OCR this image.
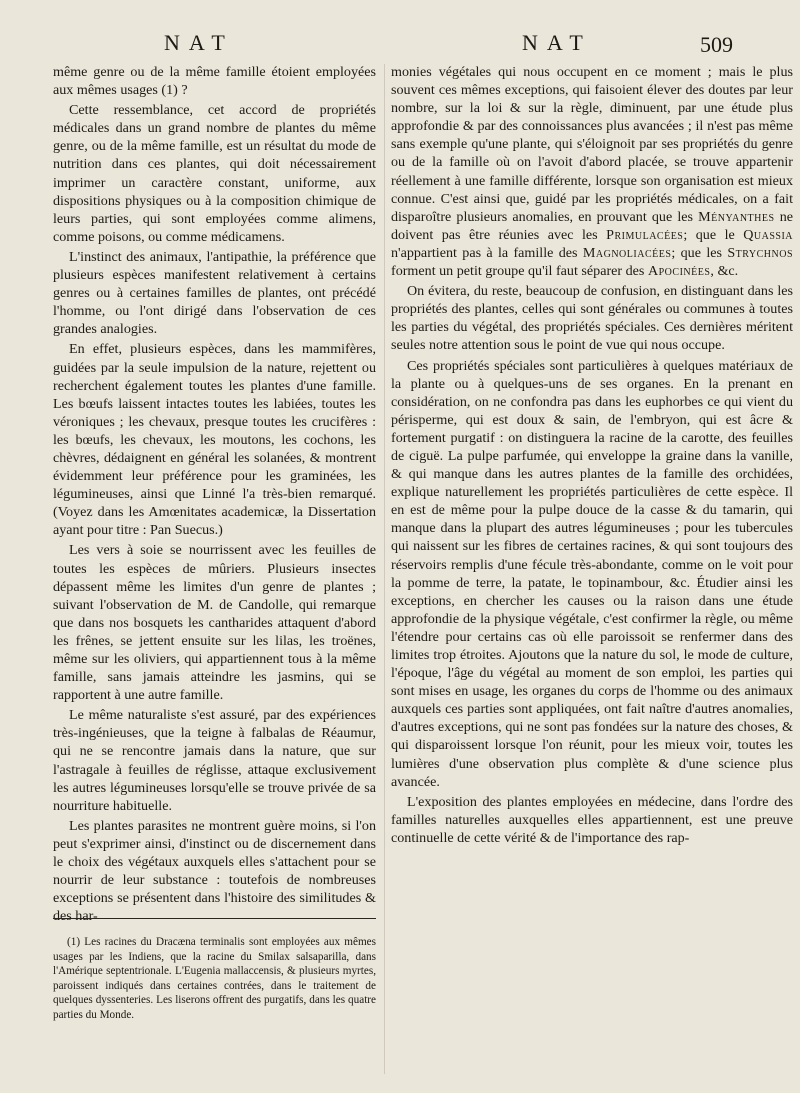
NAT	NAT	509

même genre ou de la même famille étoient employées aux mêmes usages (1) ?

Cette ressemblance, cet accord de propriétés médicales dans un grand nombre de plantes du même genre, ou de la même famille, est un résultat du mode de nutrition dans ces plantes, qui doit nécessairement imprimer un caractère constant, uniforme, aux dispositions physiques ou à la composition chimique de leurs parties, qui sont employées comme alimens, comme poisons, ou comme médicamens.

L'instinct des animaux, l'antipathie, la préférence que plusieurs espèces manifestent relativement à certains genres ou à certaines familles de plantes, ont précédé l'homme, ou l'ont dirigé dans l'observation de ces grandes analogies.

En effet, plusieurs espèces, dans les mammifères, guidées par la seule impulsion de la nature, rejettent ou recherchent également toutes les plantes d'une famille. Les bœufs laissent intactes toutes les labiées, toutes les véroniques ; les chevaux, presque toutes les crucifères : les bœufs, les chevaux, les moutons, les cochons, les chèvres, dédaignent en général les solanées, & montrent évidemment leur préférence pour les graminées, les légumineuses, ainsi que Linné l'a très-bien remarqué. (Voyez dans les Amœnitates academicæ, la Dissertation ayant pour titre : Pan Suecus.)

Les vers à soie se nourrissent avec les feuilles de toutes les espèces de mûriers. Plusieurs insectes dépassent même les limites d'un genre de plantes ; suivant l'observation de M. de Candolle, qui remarque que dans nos bosquets les cantharides attaquent d'abord les frênes, se jettent ensuite sur les lilas, les troënes, même sur les oliviers, qui appartiennent tous à la même famille, sans jamais atteindre les jasmins, qui se rapportent à une autre famille.

Le même naturaliste s'est assuré, par des expériences très-ingénieuses, que la teigne à falbalas de Réaumur, qui ne se rencontre jamais dans la nature, que sur l'astragale à feuilles de réglisse, attaque exclusivement les autres légumineuses lorsqu'elle se trouve privée de sa nourriture habituelle.

Les plantes parasites ne montrent guère moins, si l'on peut s'exprimer ainsi, d'instinct ou de discernement dans le choix des végétaux auxquels elles s'attachent pour se nourrir de leur substance : toutefois de nombreuses exceptions se présentent dans l'histoire des similitudes & des har-

(1) Les racines du Dracæna terminalis sont employées aux mêmes usages par les Indiens, que la racine du Smilax salsaparilla, dans l'Amérique septentrionale. L'Eugenia mallaccensis, & plusieurs myrtes, paroissent indiqués dans certaines contrées, dans le traitement de quelques dyssenteries. Les liserons offrent des purgatifs, dans les quatre parties du Monde.

monies végétales qui nous occupent en ce moment ; mais le plus souvent ces mêmes exceptions, qui faisoient élever des doutes par leur nombre, sur la loi & sur la règle, diminuent, par une étude plus approfondie & par des connoissances plus avancées ; il n'est pas même sans exemple qu'une plante, qui s'éloignoit par ses propriétés du genre ou de la famille où on l'avoit d'abord placée, se trouve appartenir réellement à une famille différente, lorsque son organisation est mieux connue. C'est ainsi que, guidé par les propriétés médicales, on a fait disparoître plusieurs anomalies, en prouvant que les Ményanthes ne doivent pas être réunies avec les Primulacées; que le Quassia n'appartient pas à la famille des Magnoliacées; que les Strychnos forment un petit groupe qu'il faut séparer des Apocinées, &c.

On évitera, du reste, beaucoup de confusion, en distinguant dans les propriétés des plantes, celles qui sont générales ou communes à toutes les parties du végétal, des propriétés spéciales. Ces dernières méritent seules notre attention sous le point de vue qui nous occupe.

Ces propriétés spéciales sont particulières à quelques matériaux de la plante ou à quelques-uns de ses organes. En la prenant en considération, on ne confondra pas dans les euphorbes ce qui vient du périsperme, qui est doux & sain, de l'embryon, qui est âcre & fortement purgatif : on distinguera la racine de la carotte, des feuilles de ciguë. La pulpe parfumée, qui enveloppe la graine dans la vanille, & qui manque dans les autres plantes de la famille des orchidées, explique naturellement les propriétés particulières de cette espèce. Il en est de même pour la pulpe douce de la casse & du tamarin, qui manque dans la plupart des autres légumineuses ; pour les tubercules qui naissent sur les fibres de certaines racines, & qui sont toujours des réservoirs remplis d'une fécule très-abondante, comme on le voit pour la pomme de terre, la patate, le topinambour, &c. Étudier ainsi les exceptions, en chercher les causes ou la raison dans une étude approfondie de la physique végétale, c'est confirmer la règle, ou même l'étendre pour certains cas où elle paroissoit se renfermer dans des limites trop étroites. Ajoutons que la nature du sol, le mode de culture, l'époque, l'âge du végétal au moment de son emploi, les parties qui sont mises en usage, les organes du corps de l'homme ou des animaux auxquels ces parties sont appliquées, ont fait naître d'autres anomalies, d'autres exceptions, qui ne sont pas fondées sur la nature des choses, & qui disparoissent lorsque l'on réunit, pour les mieux voir, toutes les lumières d'une observation plus complète & d'une science plus avancée.

L'exposition des plantes employées en médecine, dans l'ordre des familles naturelles auxquelles elles appartiennent, est une preuve continuelle de cette vérité & de l'importance des rap-
